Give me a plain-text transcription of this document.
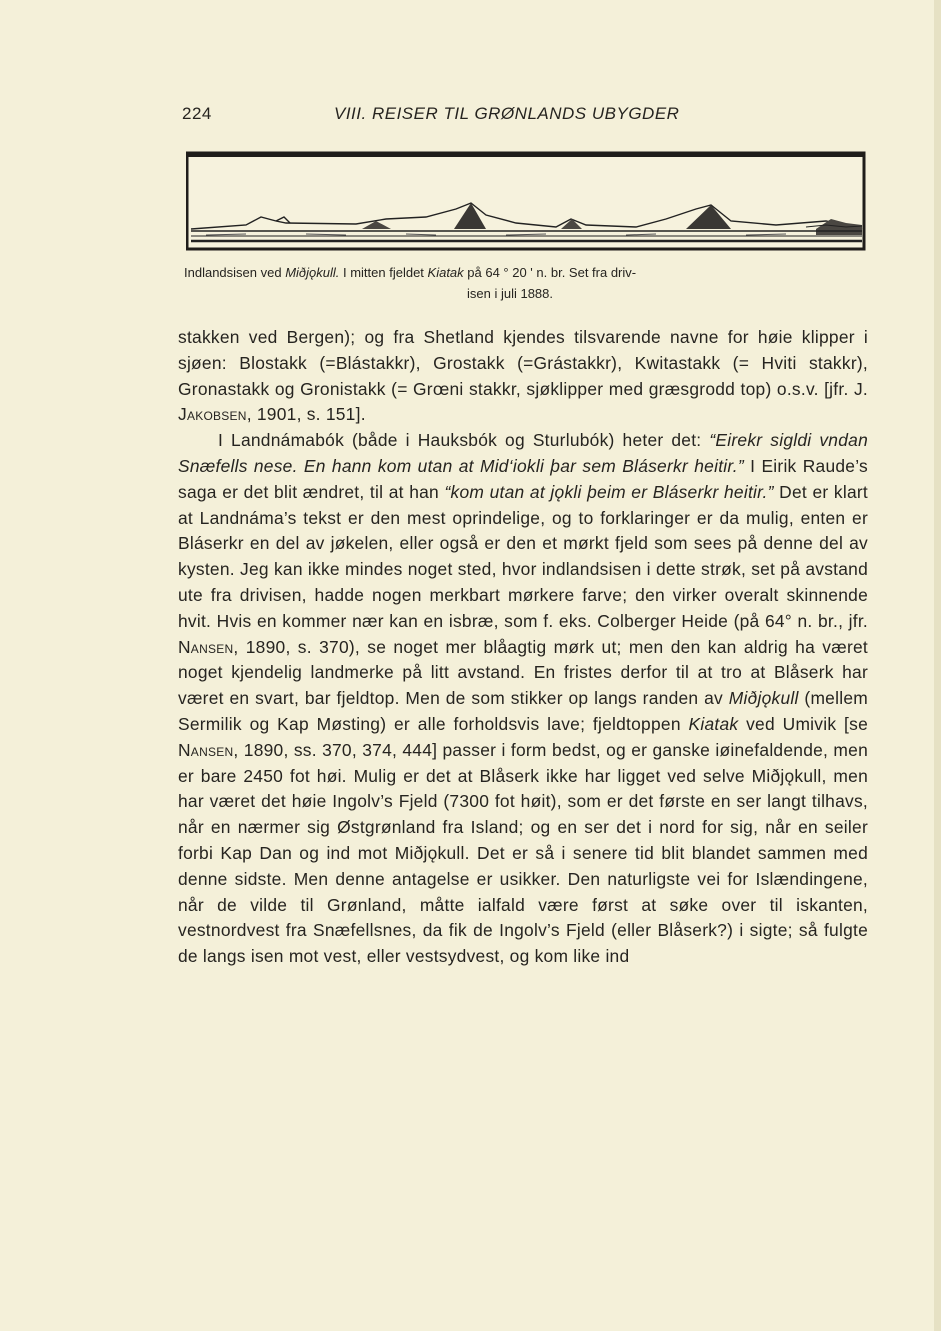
224	VIII. REISER TIL GRØNLANDS UBYGDER
Indlandsisen ved Miðjǫkull. I mitten fjeldet Kiatak på 64 ° 20 ' n. br. Set fra driv-
isen i juli 1888.

stakken ved Bergen); og fra Shetland kjendes tilsvarende navne for høie klipper i sjøen: Blostakk (=Blástakkr), Grostakk (=Grástakkr), Kwitastakk (= Hviti stakkr), Gronastakk og Gronistakk (= Grœni stakkr, sjøklipper med græsgrodd top) o.s.v. [jfr. J. Jakobsen, 1901, s. 151].

I Landnámabók (både i Hauksbók og Sturlubók) heter det: “Eirekr sigldi vndan Snæfells nese. En hann kom utan at Mid‘iokli þar sem Bláserkr heitir.” I Eirik Raude’s saga er det blit ændret, til at han “kom utan at jǫkli þeim er Bláserkr heitir.” Det er klart at Landnáma’s tekst er den mest oprindelige, og to forklaringer er da mulig, enten er Bláserkr en del av jøkelen, eller også er den et mørkt fjeld som sees på denne del av kysten. Jeg kan ikke mindes noget sted, hvor indlandsisen i dette strøk, set på avstand ute fra drivisen, hadde nogen merkbart mørkere farve; den virker overalt skinnende hvit. Hvis en kommer nær kan en isbræ, som f. eks. Colberger Heide (på 64° n. br., jfr. Nansen, 1890, s. 370), se noget mer blåagtig mørk ut; men den kan aldrig ha været noget kjendelig landmerke på litt avstand. En fristes derfor til at tro at Blåserk har været en svart, bar fjeldtop. Men de som stikker op langs randen av Miðjǫkull (mellem Sermilik og Kap Møsting) er alle forholdsvis lave; fjeldtoppen Kiatak ved Umivik [se Nansen, 1890, ss. 370, 374, 444] passer i form bedst, og er ganske iøinefaldende, men er bare 2450 fot høi. Mulig er det at Blåserk ikke har ligget ved selve Miðjǫkull, men har været det høie Ingolv’s Fjeld (7300 fot høit), som er det første en ser langt tilhavs, når en nærmer sig Østgrønland fra Island; og en ser det i nord for sig, når en seiler forbi Kap Dan og ind mot Miðjǫkull. Det er så i senere tid blit blandet sammen med denne sidste. Men denne antagelse er usikker. Den naturligste vei for Islændingene, når de vilde til Grønland, måtte ialfald være først at søke over til iskanten, vestnordvest fra Snæfellsnes, da fik de Ingolv’s Fjeld (eller Blåserk?) i sigte; så fulgte de langs isen mot vest, eller vestsydvest, og kom like ind
